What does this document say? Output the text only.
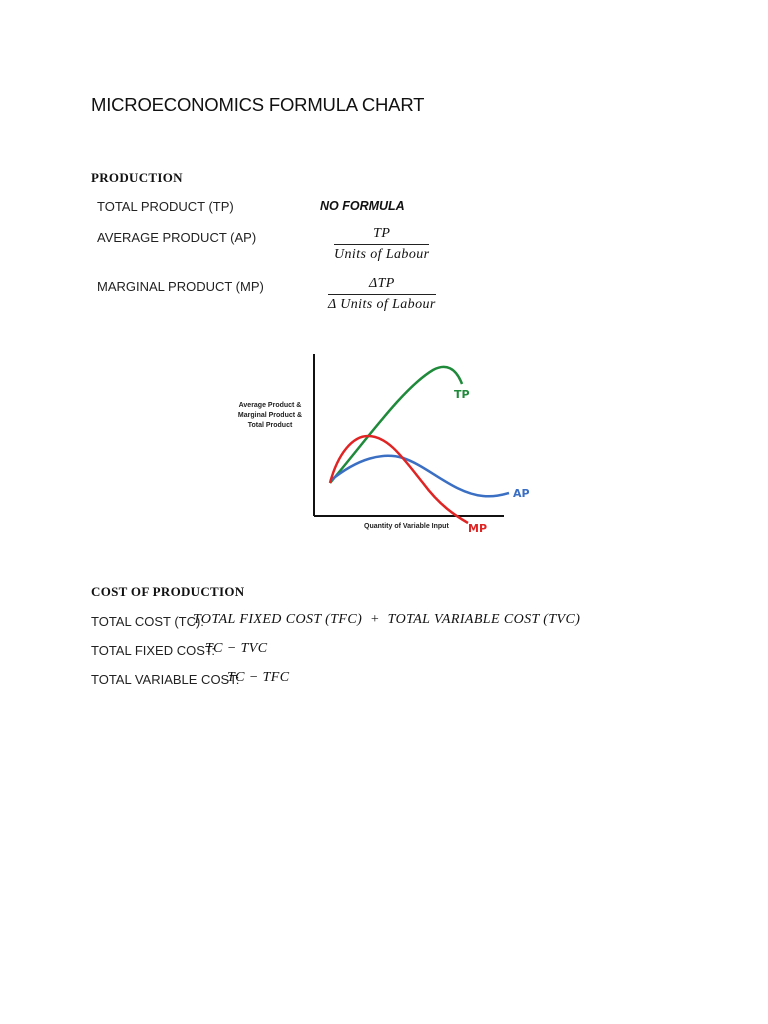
MICROECONOMICS FORMULA CHART
PRODUCTION
TOTAL PRODUCT (TP)	NO FORMULA
AVERAGE PRODUCT (AP)	TP
Units of Labour
MARGINAL PRODUCT (MP)	ΔTP
Δ Units of Labour
Average Product &
Marginal Product &
Total Product
TP
AP
MP
Quantity of Variable Input
COST OF PRODUCTION
TOTAL COST (TC):
TOTAL FIXED COST (TFC)  +  TOTAL VARIABLE COST (TVC)
TOTAL FIXED COST:
TC − TVC
TOTAL VARIABLE COST:
TC − TFC
